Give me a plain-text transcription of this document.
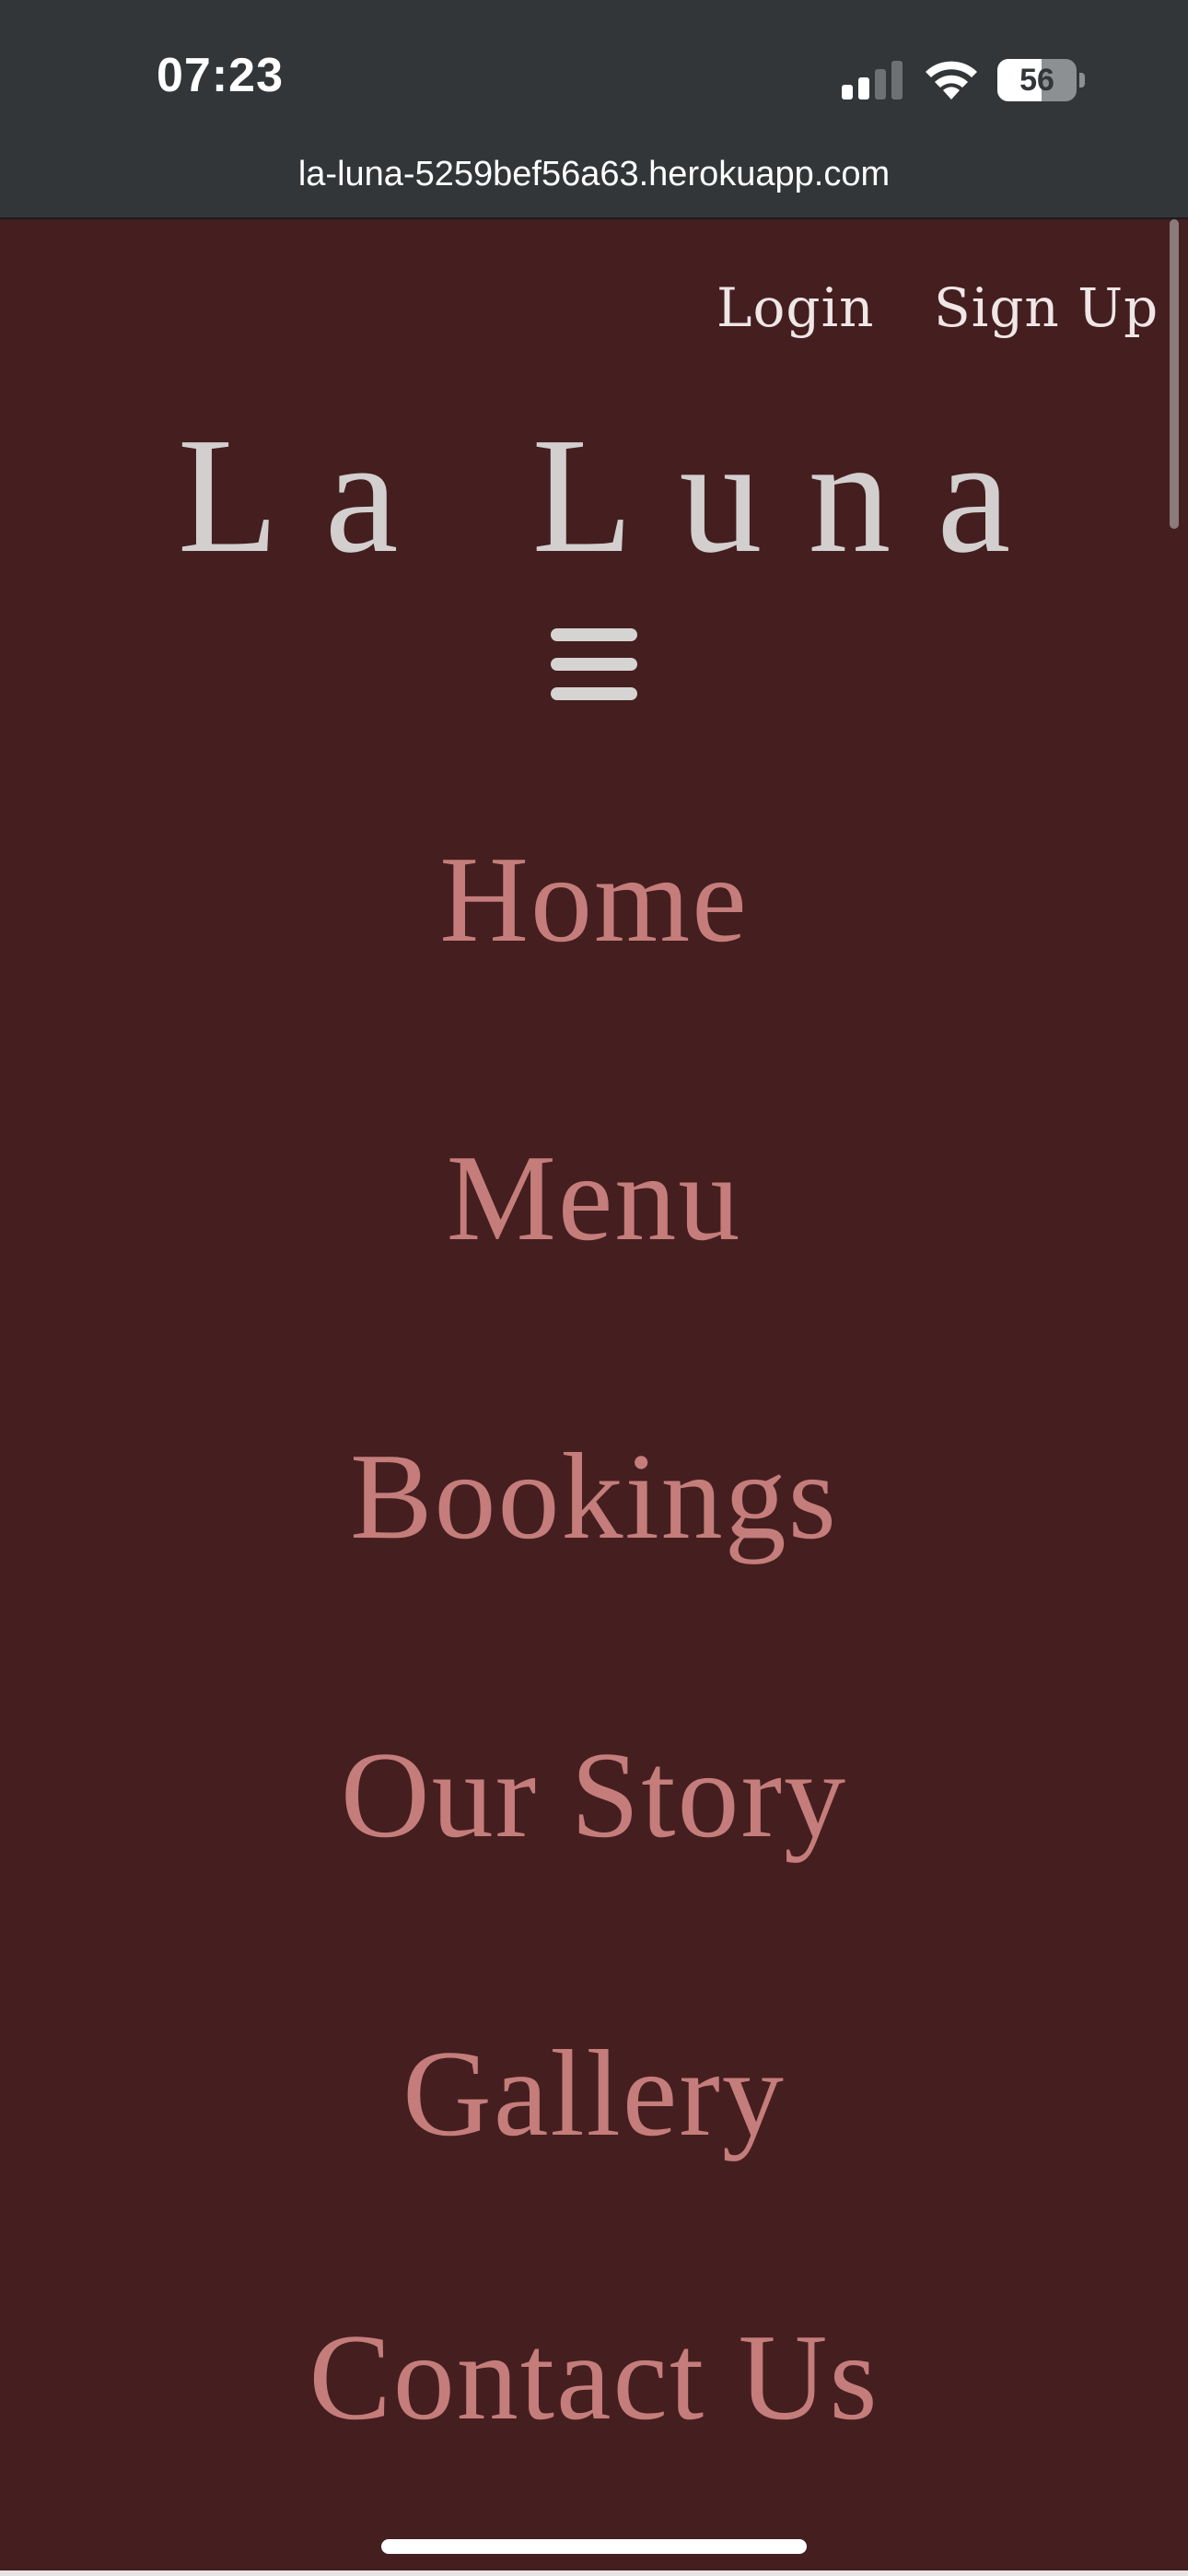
07:23	56
la-luna-5259bef56a63.herokuapp.com
Login Sign Up
La Luna
Home
Menu
Bookings
Our Story
Gallery
Contact Us
